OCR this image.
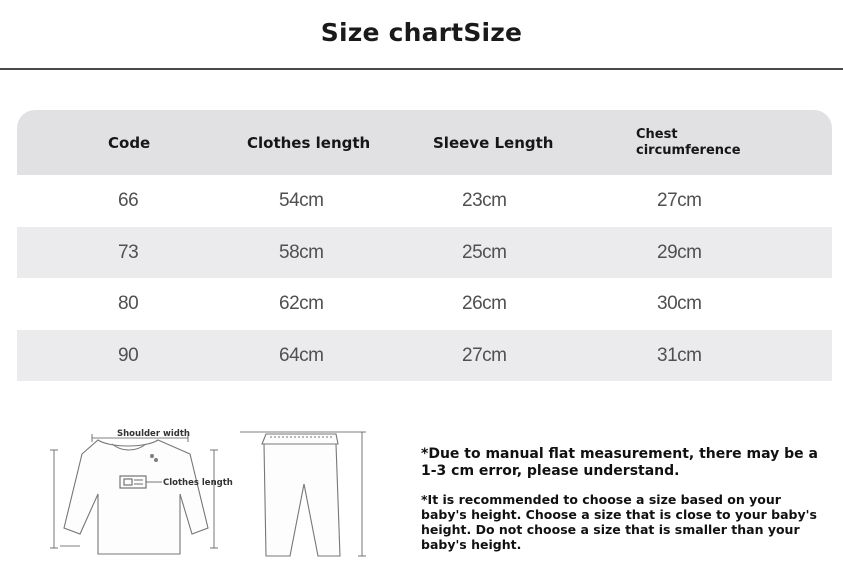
Size chartSize
Code	Clothes length	Sleeve Length	Chest
circumference
66	54cm	23cm	27cm
73	58cm	25cm	29cm
80	62cm	26cm	30cm
90	64cm	27cm	31cm
Shoulder width
Clothes length
*Due to manual flat measurement, there may be a 1-3 cm error, please understand.
*It is recommended to choose a size based on your baby's height. Choose a size that is close to your baby's height. Do not choose a size that is smaller than your baby's height.
